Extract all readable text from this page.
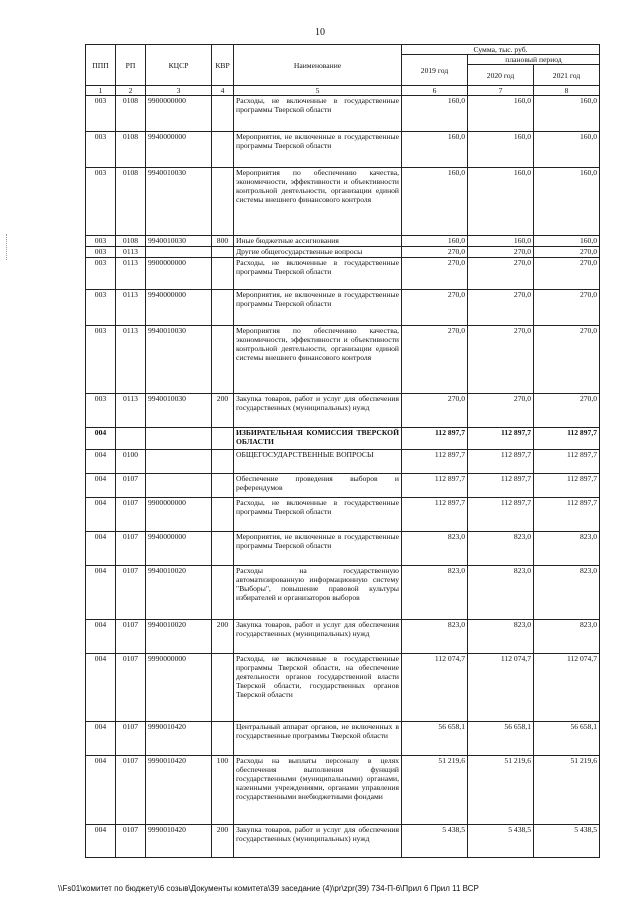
10
ППП	РП	КЦСР	КВР	Наименование	Сумма, тыс. руб.		
					2019 год	плановый период	
						2020 год	2021 год
1	2	3	4	5	6	7	8
003	0108	9900000000		Расходы, не включенные в государственные программы Тверской области	160,0	160,0	160,0
003	0108	9940000000		Мероприятия, не включенные в государственные программы Тверской области	160,0	160,0	160,0
003	0108	9940010030		Мероприятия по обеспечению качества, экономичности, эффективности и объективности контрольной деятельности, организации единой системы внешнего финансового контроля	160,0	160,0	160,0
003	0108	9940010030	800	Иные бюджетные ассигнования	160,0	160,0	160,0
003	0113			Другие общегосударственные вопросы	270,0	270,0	270,0
003	0113	9900000000		Расходы, не включенные в государственные программы Тверской области	270,0	270,0	270,0
003	0113	9940000000		Мероприятия, не включенные в государственные программы Тверской области	270,0	270,0	270,0
003	0113	9940010030		Мероприятия по обеспечению качества, экономичности, эффективности и объективности контрольной деятельности, организации единой системы внешнего финансового контроля	270,0	270,0	270,0
003	0113	9940010030	200	Закупка товаров, работ и услуг для обеспечения государственных (муниципальных) нужд	270,0	270,0	270,0
004				ИЗБИРАТЕЛЬНАЯ КОМИССИЯ ТВЕРСКОЙ ОБЛАСТИ	112 897,7	112 897,7	112 897,7
004	0100			ОБЩЕГОСУДАРСТВЕННЫЕ ВОПРОСЫ	112 897,7	112 897,7	112 897,7
004	0107			Обеспечение проведения выборов и референдумов	112 897,7	112 897,7	112 897,7
004	0107	9900000000		Расходы, не включенные в государственные программы Тверской области	112 897,7	112 897,7	112 897,7
004	0107	9940000000		Мероприятия, не включенные в государственные программы Тверской области	823,0	823,0	823,0
004	0107	9940010020		Расходы на государственную автоматизированную информационную систему "Выборы", повышение правовой культуры избирателей и организаторов выборов	823,0	823,0	823,0
004	0107	9940010020	200	Закупка товаров, работ и услуг для обеспечения государственных (муниципальных) нужд	823,0	823,0	823,0
004	0107	9990000000		Расходы, не включенные в государственные программы Тверской области, на обеспечение деятельности органов государственной власти Тверской области, государственных органов Тверской области	112 074,7	112 074,7	112 074,7
004	0107	9990010420		Центральный аппарат органов, не включенных в государственные программы Тверской области	56 658,1	56 658,1	56 658,1
004	0107	9990010420	100	Расходы на выплаты персоналу в целях обеспечения выполнения функций государственными (муниципальными) органами, казенными учреждениями, органами управления государственными внебюджетными фондами	51 219,6	51 219,6	51 219,6
004	0107	9990010420	200	Закупка товаров, работ и услуг для обеспечения государственных (муниципальных) нужд	5 438,5	5 438,5	5 438,5
\\Fs01\комитет по бюджету\6 созыв\Документы комитета\39 заседание (4)\pr\zpr(39) 734-П-6\Прил 6 Прил 11 ВСР
